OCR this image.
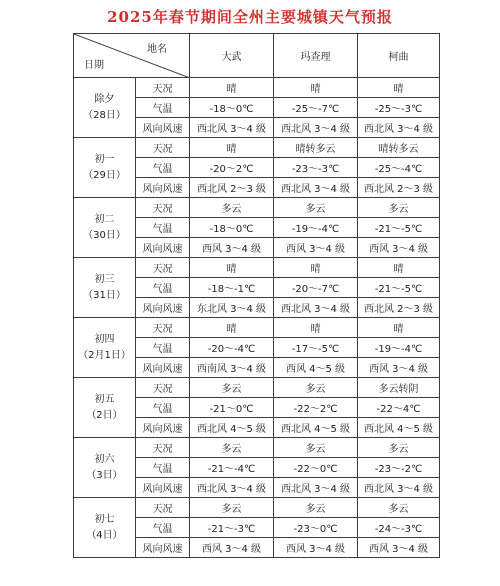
2025年春节期间全州主要城镇天气预报
地名
日期		大武	玛查理	柯曲

除夕
（28日）	天况	晴	晴	晴
	气温	-18～0℃	-25～-7℃	-25～-3℃
	风向风速	西北风 3～4 级	西北风 3～4 级	西北风 3～4 级

初一
（29日）	天况	晴	晴转多云	晴转多云
	气温	-20～2℃	-23～-3℃	-25～-4℃
	风向风速	西北风 2～3 级	西北风 3～4 级	西北风 2～3 级

初二
（30日）	天况	多云	多云	多云
	气温	-18～0℃	-19～-4℃	-21～-5℃
	风向风速	西风 3～4 级	西风 3～4 级	西风 3～4 级

初三
（31日）	天况	晴	晴	晴
	气温	-18～-1℃	-20～-7℃	-21～-5℃
	风向风速	东北风 3～4 级	西北风 3～4 级	西北风 2～3 级

初四
（2月1日）	天况	晴	晴	晴
	气温	-20～-4℃	-17～-5℃	-19～-4℃
	风向风速	西南风 3～4 级	西风 4～5 级	西风 3～4 级

初五
（2日）	天况	多云	多云	多云转阴
	气温	-21～0℃	-22～2℃	-22～4℃
	风向风速	西北风 4～5 级	西北风 4～5 级	西北风 4～5 级

初六
（3日）	天况	多云	多云	多云
	气温	-21～-4℃	-22～0℃	-23～-2℃
	风向风速	西北风 3～4 级	西北风 3～4 级	西北风 3～4 级

初七
（4日）	天况	多云	多云	多云
	气温	-21～-3℃	-23～0℃	-24～-3℃
	风向风速	西风 3～4 级	西风 3～4 级	西风 3～4 级
